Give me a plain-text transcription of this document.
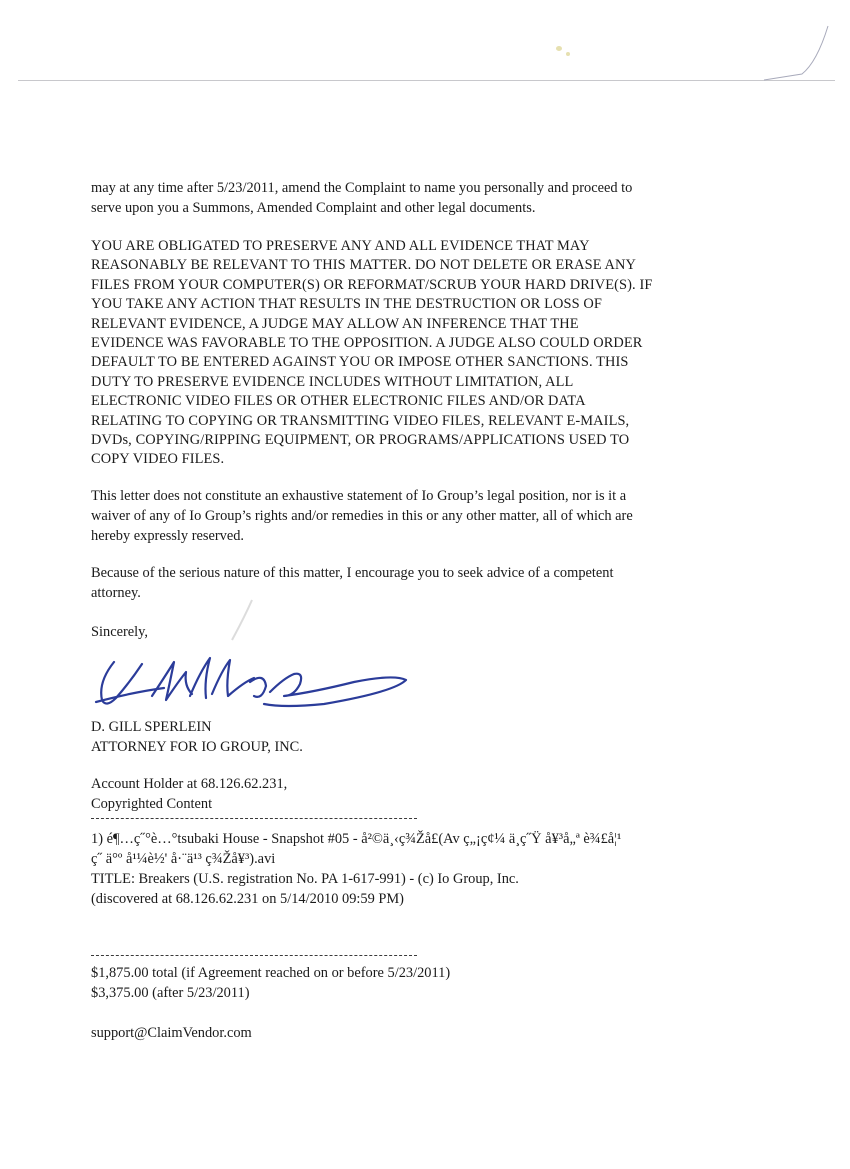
may at any time after 5/23/2011, amend the Complaint to name you personally and proceed to
serve upon you a Summons, Amended Complaint and other legal documents.
YOU ARE OBLIGATED TO PRESERVE ANY AND ALL EVIDENCE THAT MAY
REASONABLY BE RELEVANT TO THIS MATTER. DO NOT DELETE OR ERASE ANY
FILES FROM YOUR COMPUTER(S) OR REFORMAT/SCRUB YOUR HARD DRIVE(S). IF
YOU TAKE ANY ACTION THAT RESULTS IN THE DESTRUCTION OR LOSS OF
RELEVANT EVIDENCE, A JUDGE MAY ALLOW AN INFERENCE THAT THE
EVIDENCE WAS FAVORABLE TO THE OPPOSITION. A JUDGE ALSO COULD ORDER
DEFAULT TO BE ENTERED AGAINST YOU OR IMPOSE OTHER SANCTIONS. THIS
DUTY TO PRESERVE EVIDENCE INCLUDES WITHOUT LIMITATION, ALL
ELECTRONIC VIDEO FILES OR OTHER ELECTRONIC FILES AND/OR DATA
RELATING TO COPYING OR TRANSMITTING VIDEO FILES, RELEVANT E-MAILS,
DVDs, COPYING/RIPPING EQUIPMENT, OR PROGRAMS/APPLICATIONS USED TO
COPY VIDEO FILES.
This letter does not constitute an exhaustive statement of Io Group’s legal position, nor is it a
waiver of any of Io Group’s rights and/or remedies in this or any other matter, all of which are
hereby expressly reserved.
Because of the serious nature of this matter, I encourage you to seek advice of a competent
attorney.
Sincerely,
D. GILL SPERLEIN
ATTORNEY FOR IO GROUP, INC.
Account Holder at 68.126.62.231,
Copyrighted Content
1) é¶…ç˝°è…°tsubaki House - Snapshot #05 - å²©ä¸‹ç¾Žå£(Av ç„¡ç¢¼ ä¸ç˝Ÿ å¥³å„ª è¾£å¦¹
ç˝ ä°º å¹¼è½' å·¨ä¹³ ç¾Žå¥³).avi
TITLE: Breakers (U.S. registration No. PA 1-617-991) - (c) Io Group, Inc.
(discovered at 68.126.62.231 on 5/14/2010 09:59 PM)
$1,875.00 total (if Agreement reached on or before 5/23/2011)
$3,375.00 (after 5/23/2011)
support@ClaimVendor.com
